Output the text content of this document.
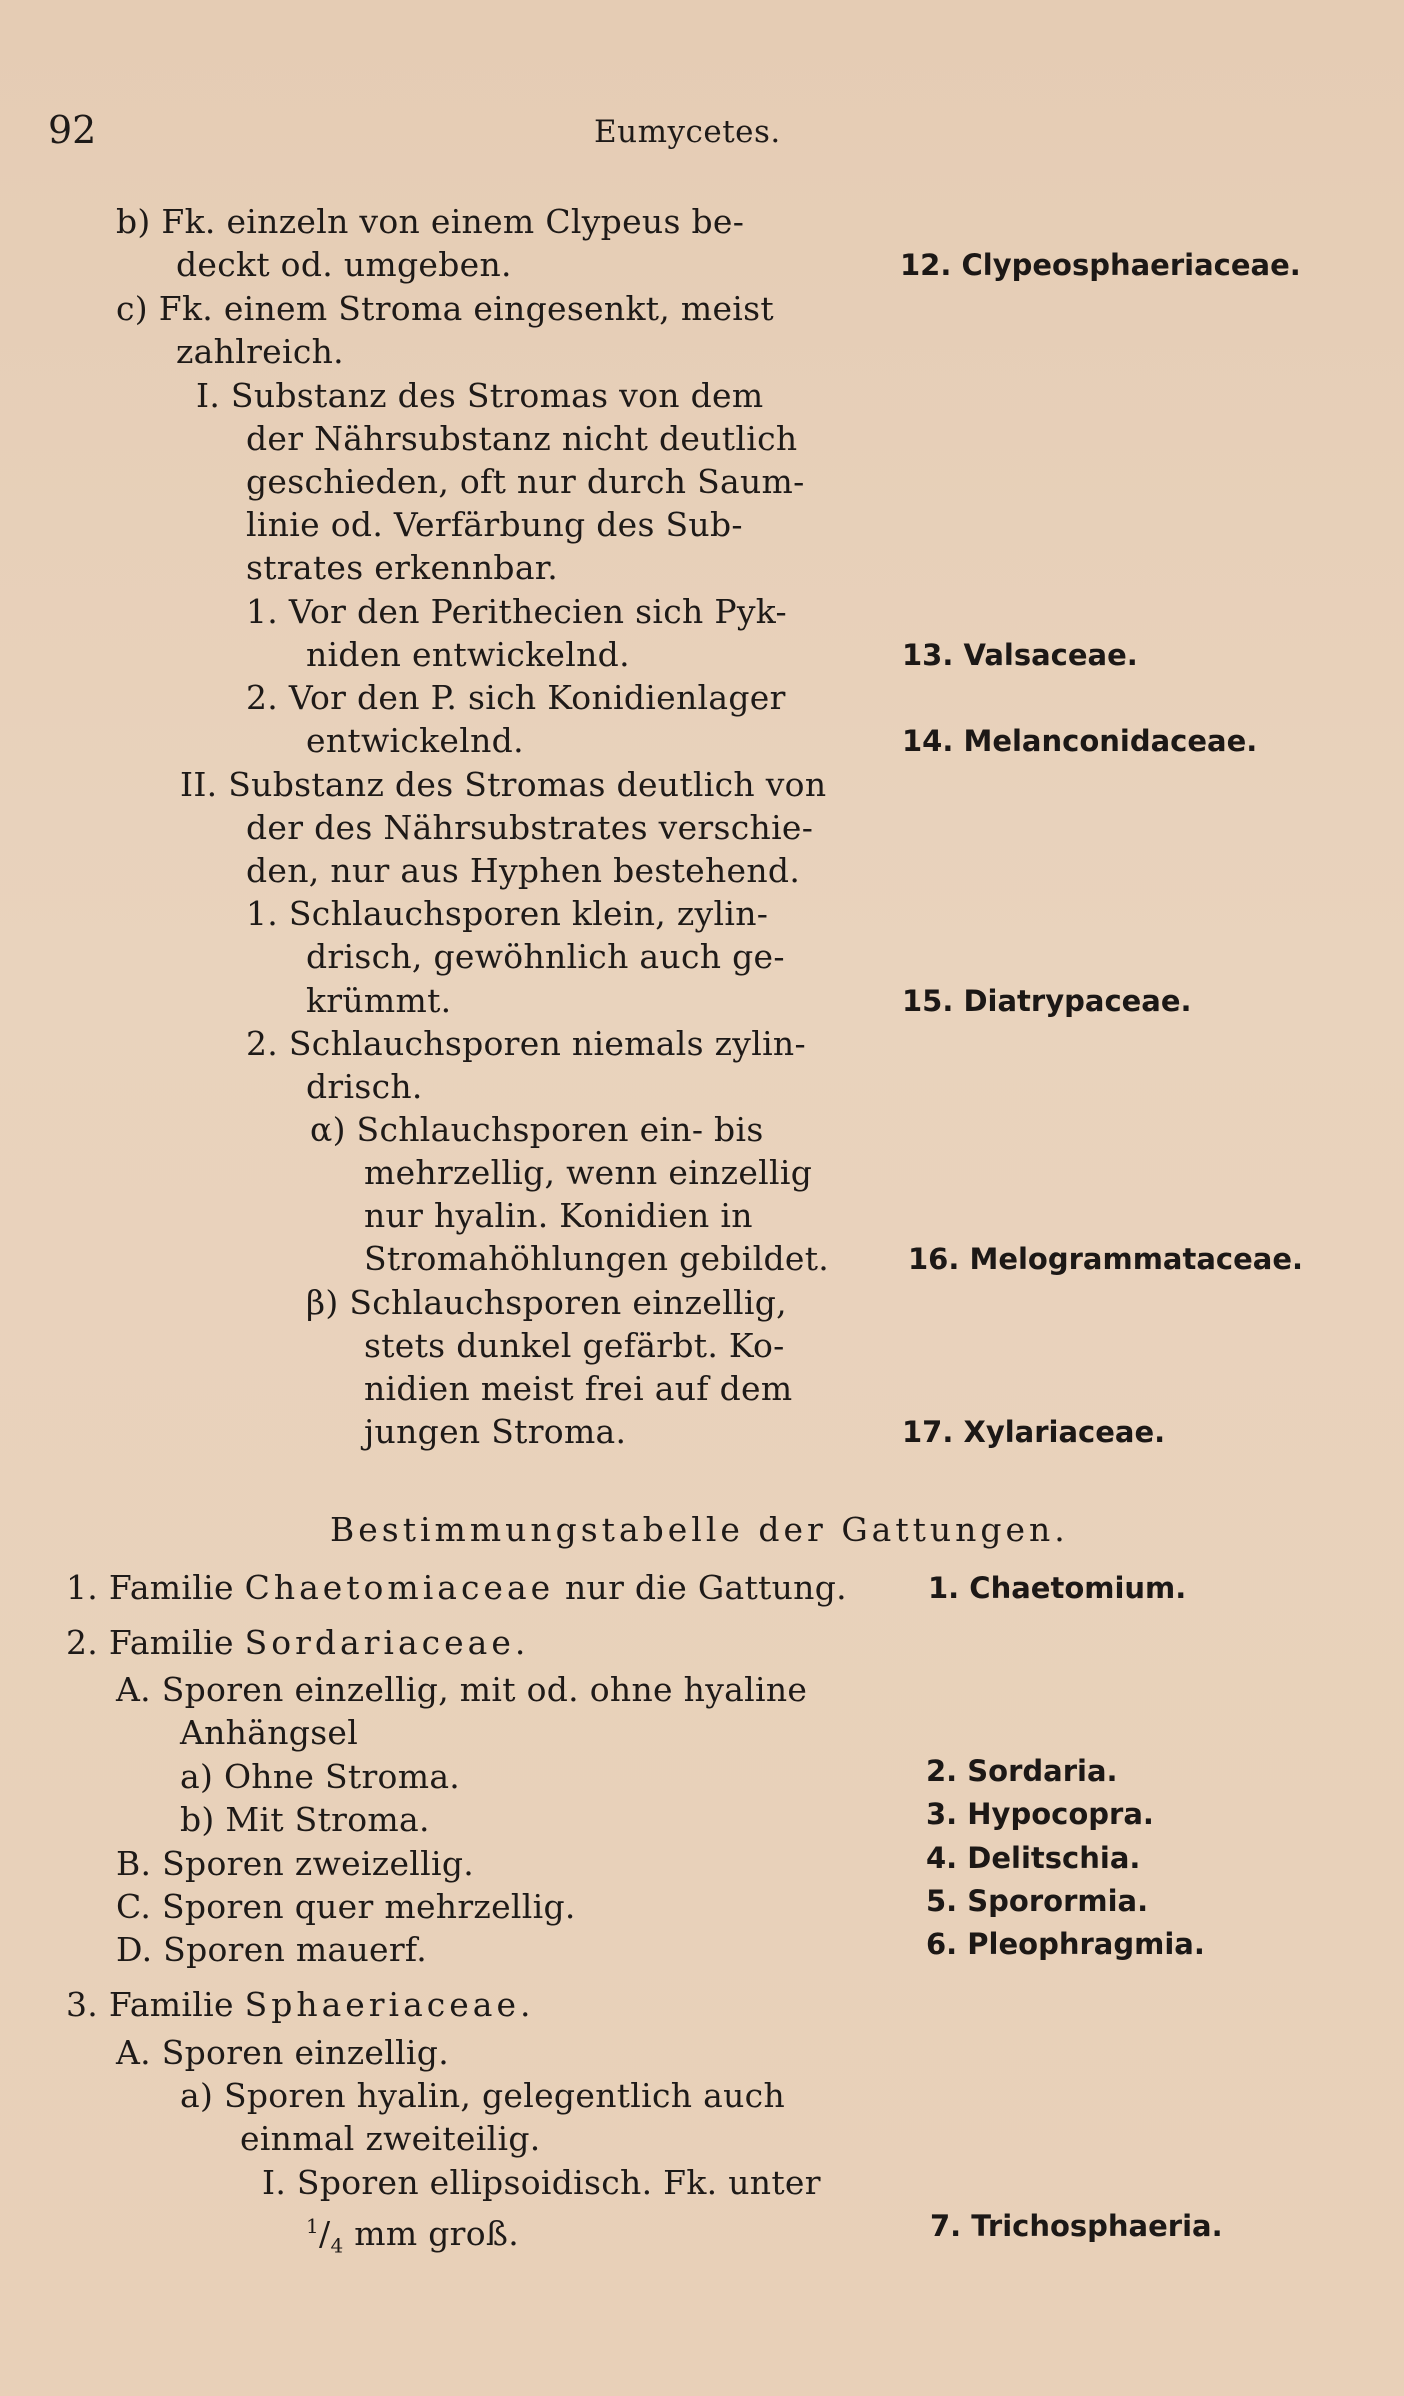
92	Eumycetes.
b) Fk. einzeln von einem Clypeus be-
deckt od. umgeben.	12. Clypeosphaeriaceae.
c) Fk. einem Stroma eingesenkt, meist
zahlreich.
I. Substanz des Stromas von dem
der Nährsubstanz nicht deutlich
geschieden, oft nur durch Saum-
linie od. Verfärbung des Sub-
strates erkennbar.
1. Vor den Perithecien sich Pyk-
niden entwickelnd.	13. Valsaceae.
2. Vor den P. sich Konidienlager
entwickelnd.	14. Melanconidaceae.
II. Substanz des Stromas deutlich von
der des Nährsubstrates verschie-
den, nur aus Hyphen bestehend.
1. Schlauchsporen klein, zylin-
drisch, gewöhnlich auch ge-
krümmt.	15. Diatrypaceae.
2. Schlauchsporen niemals zylin-
drisch.
α) Schlauchsporen ein- bis
mehrzellig, wenn einzellig
nur hyalin. Konidien in
Stromahöhlungen gebildet.	16. Melogrammataceae.
β) Schlauchsporen einzellig,
stets dunkel gefärbt. Ko-
nidien meist frei auf dem
jungen Stroma.	17. Xylariaceae.
Bestimmungstabelle der Gattungen.
1. Familie Chaetomiaceae nur die Gattung.	1. Chaetomium.
2. Familie Sordariaceae.
A. Sporen einzellig, mit od. ohne hyaline
Anhängsel
a) Ohne Stroma.	2. Sordaria.
b) Mit Stroma.	3. Hypocopra.
B. Sporen zweizellig.	4. Delitschia.
C. Sporen quer mehrzellig.	5. Sporormia.
D. Sporen mauerf.	6. Pleophragmia.
3. Familie Sphaeriaceae.
A. Sporen einzellig.
a) Sporen hyalin, gelegentlich auch
einmal zweiteilig.
I. Sporen ellipsoidisch. Fk. unter
$^1/_4$ mm groß.	7. Trichosphaeria.
